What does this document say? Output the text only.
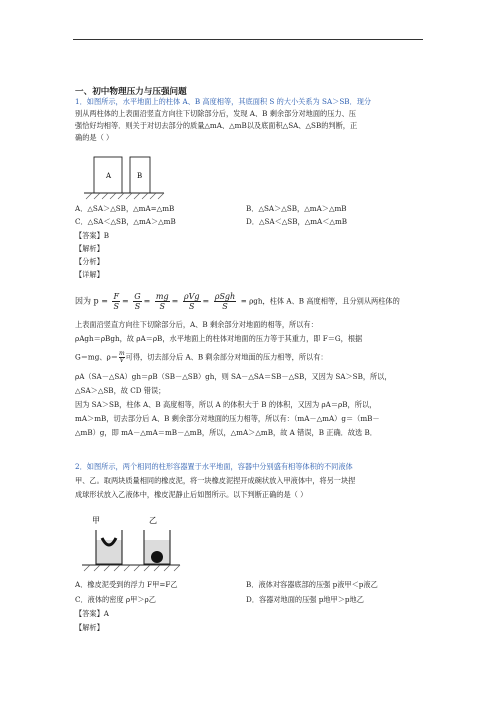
一、初中物理压力与压强问题
1．如图所示，水平地面上的柱体 A、B 高度相等，其底面积 S 的大小关系为 SA＞SB．现分
别从两柱体的上表面沿竖直方向往下切除部分后，发现 A、B 剩余部分对地面的压力、压
强恰好均相等．则关于对切去部分的质量△mA、△mB以及底面积△SA、△SB的判断，正
确的是（ ）
A	B
A．△SA＞△SB，△mA=△mB	B．△SA＞△SB，△mA＞△mB
C．△SA＜△SB，△mA＞△mB	D．△SA＜△SB，△mA＜△mB
【答案】B
【解析】
【分析】
【详解】
因为 $p = \frac{F}{S} = \frac{G}{S} = \frac{mg}{S} = \frac{\text{ρVg}}{S} = \frac{\text{ρSgh}}{S} = \rho gh$，柱体 A、B 高度相等，且分别从两柱体的
上表面沿竖直方向往下切除部分后，A、B 剩余部分对地面的相等，所以有：
ρAgh＝ρBgh，故 ρA＝ρB，水平地面上的柱体对地面的压力等于其重力，即 F＝G，根据
G＝mg、$\rho= \frac{m}{V}$ 可得，切去部分后 A、B 剩余部分对地面的压力相等，所以有：
ρA（SA－△SA）gh＝ρB（SB－△SB）gh，则 SA－△SA＝SB－△SB，又因为 SA＞SB，所以，
△SA＞△SB，故 CD 错误；
因为 SA＞SB，柱体 A、B 高度相等，所以 A 的体积大于 B 的体积，又因为 ρA＝ρB，所以，
mA＞mB，切去部分后 A、B 剩余部分对地面的压力相等，所以有：（mA－△mA）g＝（mB－
△mB）g，即 mA－△mA＝mB－△mB，所以，△mA＞△mB，故 A 错误，B 正确．故选 B．
2．如图所示，两个相同的柱形容器置于水平地面，容器中分别盛有相等体积的不同液体
甲、乙。取两块质量相同的橡皮泥，将一块橡皮泥捏开成碗状放入甲液体中，将另一块捏
成球形状放入乙液体中，橡皮泥静止后如图所示。以下判断正确的是（ ）
甲	乙
A．橡皮泥受到的浮力 F甲=F乙	B．液体对容器底部的压强 p液甲＜p液乙
C．液体的密度 ρ甲＞ρ乙	D．容器对地面的压强 p地甲＞p地乙
【答案】A
【解析】
